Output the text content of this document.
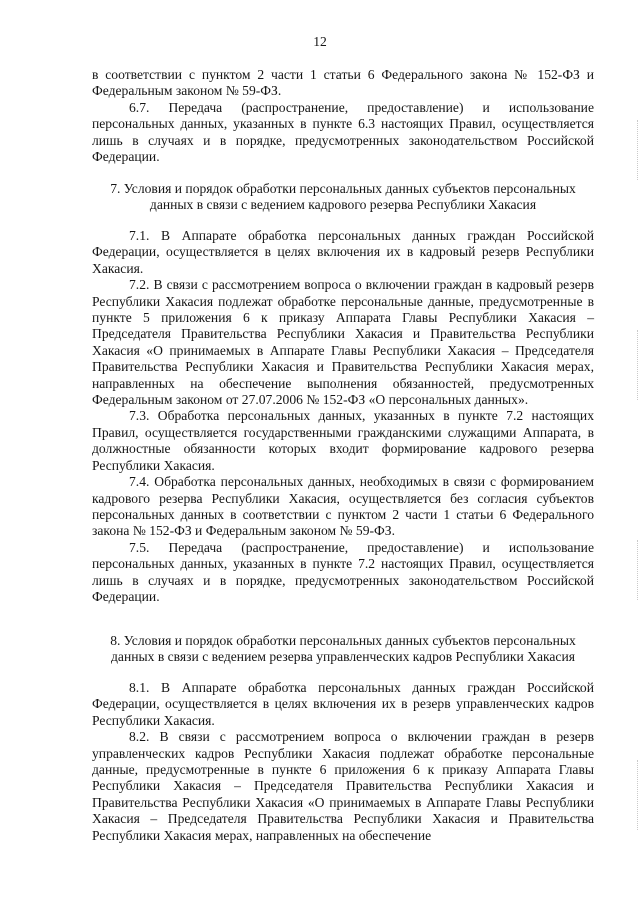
12

в соответствии с пунктом 2 части 1 статьи 6 Федерального закона № 152-ФЗ и Федеральным законом № 59-ФЗ.

6.7. Передача (распространение, предоставление) и использование персональных данных, указанных в пункте 6.3 настоящих Правил, осуществляется лишь в случаях и в порядке, предусмотренных законодательством Российской Федерации.

7. Условия и порядок обработки персональных данных субъектов персональных данных в связи с ведением кадрового резерва Республики Хакасия

7.1. В Аппарате обработка персональных данных граждан Российской Федерации, осуществляется в целях включения их в кадровый резерв Республики Хакасия.

7.2. В связи с рассмотрением вопроса о включении граждан в кадровый резерв Республики Хакасия подлежат обработке персональные данные, предусмотренные в пункте 5 приложения 6 к приказу Аппарата Главы Республики Хакасия – Председателя Правительства Республики Хакасия и Правительства Республики Хакасия «О принимаемых в Аппарате Главы Республики Хакасия – Председателя Правительства Республики Хакасия и Правительства Республики Хакасия мерах, направленных на обеспечение выполнения обязанностей, предусмотренных Федеральным законом от 27.07.2006 № 152-ФЗ «О персональных данных».

7.3. Обработка персональных данных, указанных в пункте 7.2 настоящих Правил, осуществляется государственными гражданскими служащими Аппарата, в должностные обязанности которых входит формирование кадрового резерва Республики Хакасия.

7.4. Обработка персональных данных, необходимых в связи с формированием кадрового резерва Республики Хакасия, осуществляется без согласия субъектов персональных данных в соответствии с пунктом 2 части 1 статьи 6 Федерального закона № 152-ФЗ и Федеральным законом № 59-ФЗ.

7.5. Передача (распространение, предоставление) и использование персональных данных, указанных в пункте 7.2 настоящих Правил, осуществляется лишь в случаях и в порядке, предусмотренных законодательством Российской Федерации.

8. Условия и порядок обработки персональных данных субъектов персональных данных в связи с ведением резерва управленческих кадров Республики Хакасия

8.1. В Аппарате обработка персональных данных граждан Российской Федерации, осуществляется в целях включения их в резерв управленческих кадров Республики Хакасия.

8.2. В связи с рассмотрением вопроса о включении граждан в резерв управленческих кадров Республики Хакасия подлежат обработке персональные данные, предусмотренные в пункте 6 приложения 6 к приказу Аппарата Главы Республики Хакасия – Председателя Правительства Республики Хакасия и Правительства Республики Хакасия «О принимаемых в Аппарате Главы Республики Хакасия – Председателя Правительства Республики Хакасия и Правительства Республики Хакасия мерах, направленных на обеспечение
